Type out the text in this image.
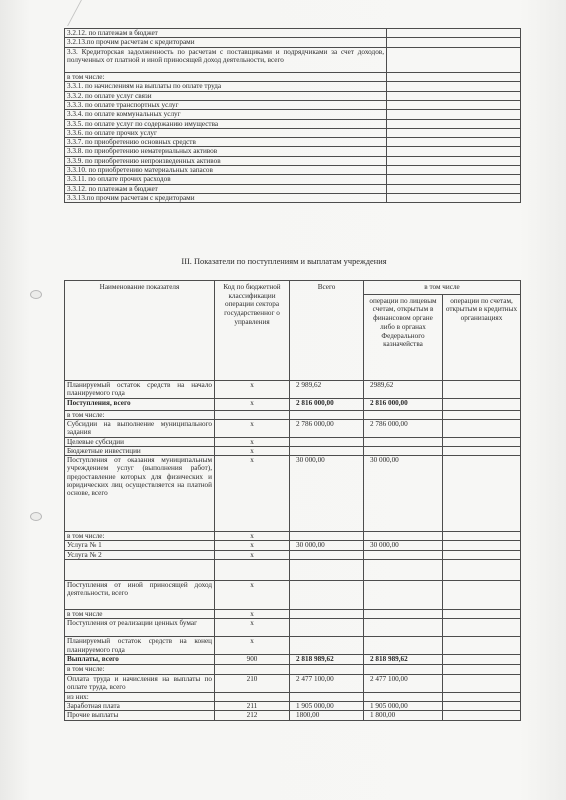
3.2.12. по платежам в бюджет	
3.2.13.по прочим расчетам с кредиторами	
3.3. Кредиторская задолженность по расчетам с поставщиками и подрядчиками за счет доходов, полученных от платной и иной приносящей доход деятельности, всего	
в том числе:	
3.3.1. по начислениям на выплаты по оплате труда	
3.3.2. по оплате услуг связи	
3.3.3. по оплате транспортных услуг	
3.3.4. по оплате коммунальных услуг	
3.3.5. по оплате услуг по содержанию имущества	
3.3.6. по оплате прочих услуг	
3.3.7. по приобретению основных средств	
3.3.8. по приобретению нематериальных активов	
3.3.9. по приобретению непроизведенных активов	
3.3.10. по приобретению материальных запасов	
3.3.11. по оплате прочих расходов	
3.3.12. по платежам в бюджет	
3.3.13.по прочим расчетам с кредиторами	
III. Показатели по поступлениям и выплатам учреждения
Наименование показателя	Код по бюджетной классификации операции сектора государственног о управления	Всего	в том числе	
			операции по лицевым счетам, открытым в финансовом органе либо в органах Федерального казначейства	операции по счетам, открытым в кредитных организациях
Планируемый остаток средств на начало планируемого года	x	2 989,62	2989,62	
Поступления, всего	x	2 816 000,00	2 816 000,00	
в том числе:				
Субсидии на выполнение муниципального задания	x	2 786 000,00	2 786 000,00	
Целевые субсидии	x			
Бюджетные инвестиции	x			
Поступления от оказания муниципальным учреждением услуг (выполнения работ), предоставление которых для физических и юридических лиц осуществляется на платной основе, всего	x	30 000,00	30 000,00	
в том числе:	x			
Услуга № 1	x	30 000,00	30 000,00	
Услуга № 2	x			

Поступления от иной приносящей доход деятельности, всего	x			
в том числе	x			
Поступления от реализации ценных бумаг	x			
Планируемый остаток средств на конец планируемого года	x			
Выплаты, всего	900	2 818 989,62	2 818 989,62	
в том числе:				
Оплата труда и начисления на выплаты по оплате труда, всего	210	2 477 100,00	2 477 100,00	
из них:				
Заработная плата	211	1 905 000,00	1 905 000,00	
Прочие выплаты	212	1800,00	1 800,00	
